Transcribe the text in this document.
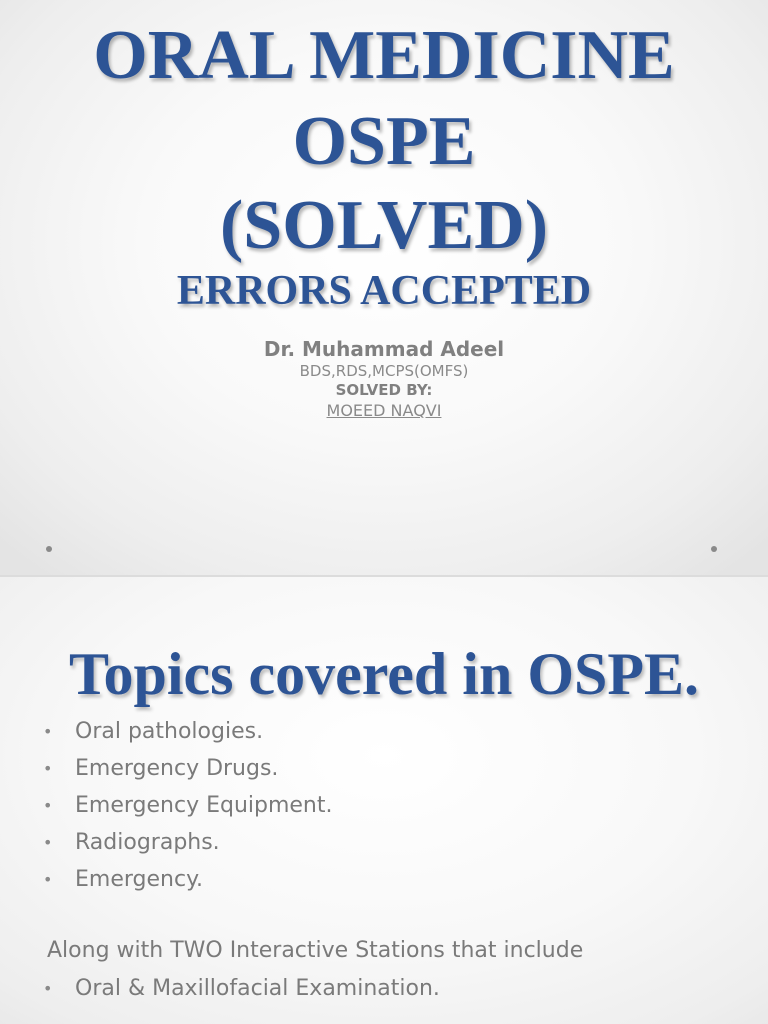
ORAL MEDICINE
OSPE
(SOLVED)
ERRORS ACCEPTED
Dr. Muhammad Adeel
BDS,RDS,MCPS(OMFS)
SOLVED BY:
MOEED NAQVI
Topics covered in OSPE.
• Oral pathologies.
• Emergency Drugs.
• Emergency Equipment.
• Radiographs.
• Emergency.

Along with TWO Interactive Stations that include

• Oral & Maxillofacial Examination.
